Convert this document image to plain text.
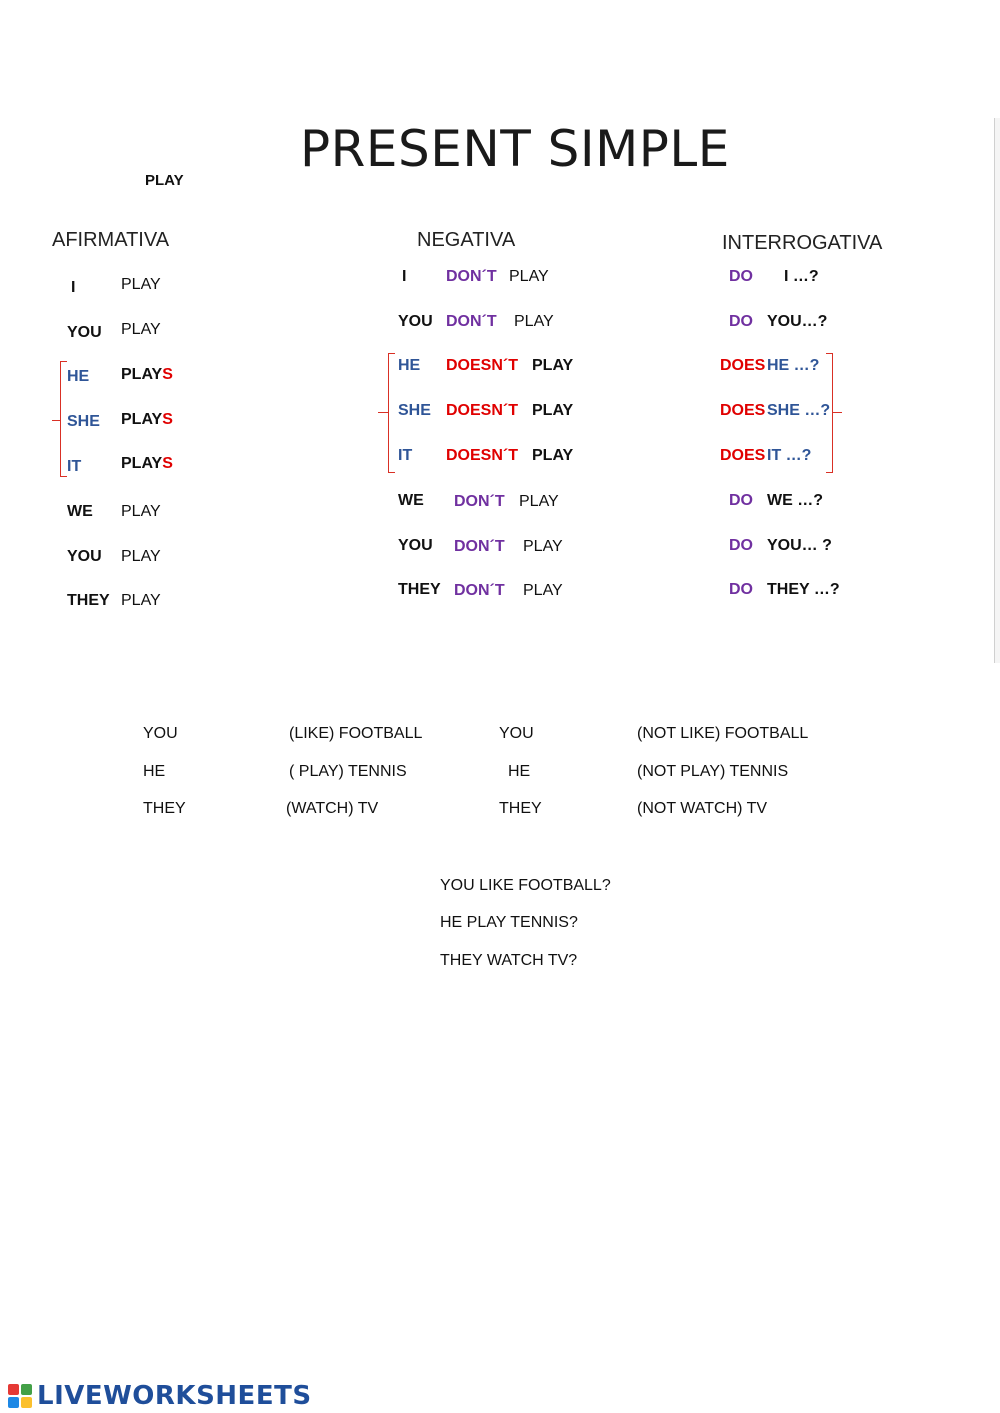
PRESENT SIMPLE
PLAY
AFIRMATIVA	NEGATIVA	INTERROGATIVA
I	PLAY
YOU PLAY
HE PLAYS
SHE PLAYS
IT PLAYS
WE PLAY
YOU PLAY
THEY PLAY
I DON´T PLAY
YOU DON´T PLAY
HE DOESN´T PLAY
SHE DOESN´T PLAY
IT DOESN´T PLAY
WE DON´T PLAY
YOU DON´T PLAY
THEY DON´T PLAY
DO I …?
DO YOU…?
DOES HE …?
DOES SHE …?
DOES IT …?
DO WE …?
DO YOU… ?
DO THEY …?
YOU	(LIKE) FOOTBALL
HE	( PLAY) TENNIS
THEY	(WATCH) TV
YOU	(NOT LIKE) FOOTBALL
HE	(NOT PLAY) TENNIS
THEY	(NOT WATCH) TV
YOU LIKE FOOTBALL?
HE PLAY TENNIS?
THEY WATCH TV?
LIVEWORKSHEETS
